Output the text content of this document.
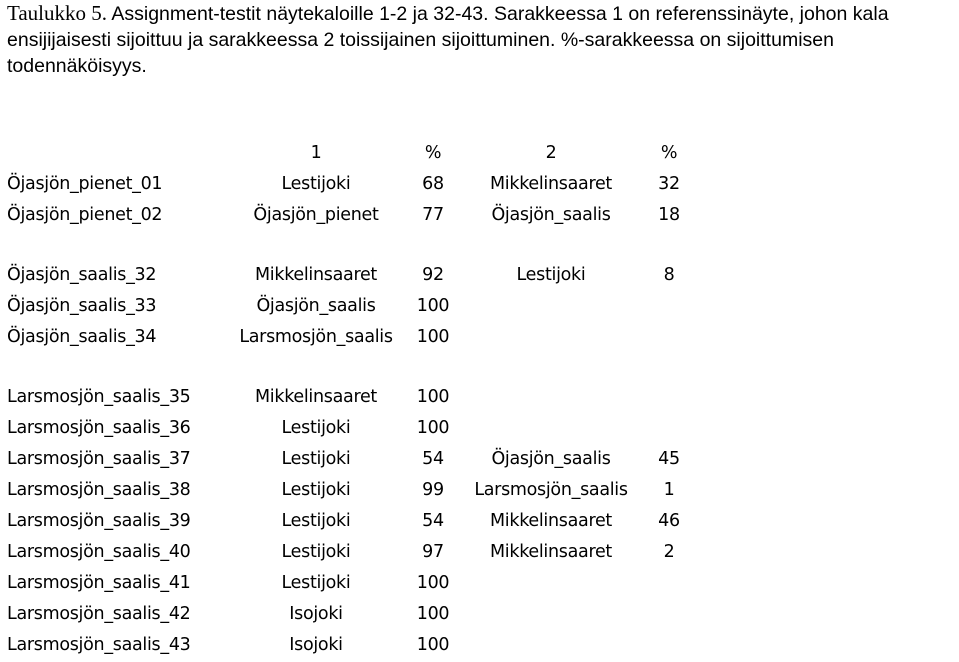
Taulukko 5. Assignment-testit näytekaloille 1-2 ja 32-43. Sarakkeessa 1 on referenssinäyte, johon kala ensijijaisesti sijoittuu ja sarakkeessa 2 toissijainen sijoittuminen. %-sarakkeessa on sijoittumisen todennäköisyys.
	1	%	2	%
Öjasjön_pienet_01	Lestijoki	68	Mikkelinsaaret	32
Öjasjön_pienet_02	Öjasjön_pienet	77	Öjasjön_saalis	18

Öjasjön_saalis_32	Mikkelinsaaret	92	Lestijoki	8
Öjasjön_saalis_33	Öjasjön_saalis	100		
Öjasjön_saalis_34	Larsmosjön_saalis	100		

Larsmosjön_saalis_35	Mikkelinsaaret	100		
Larsmosjön_saalis_36	Lestijoki	100		
Larsmosjön_saalis_37	Lestijoki	54	Öjasjön_saalis	45
Larsmosjön_saalis_38	Lestijoki	99	Larsmosjön_saalis	1
Larsmosjön_saalis_39	Lestijoki	54	Mikkelinsaaret	46
Larsmosjön_saalis_40	Lestijoki	97	Mikkelinsaaret	2
Larsmosjön_saalis_41	Lestijoki	100		
Larsmosjön_saalis_42	Isojoki	100		
Larsmosjön_saalis_43	Isojoki	100		
